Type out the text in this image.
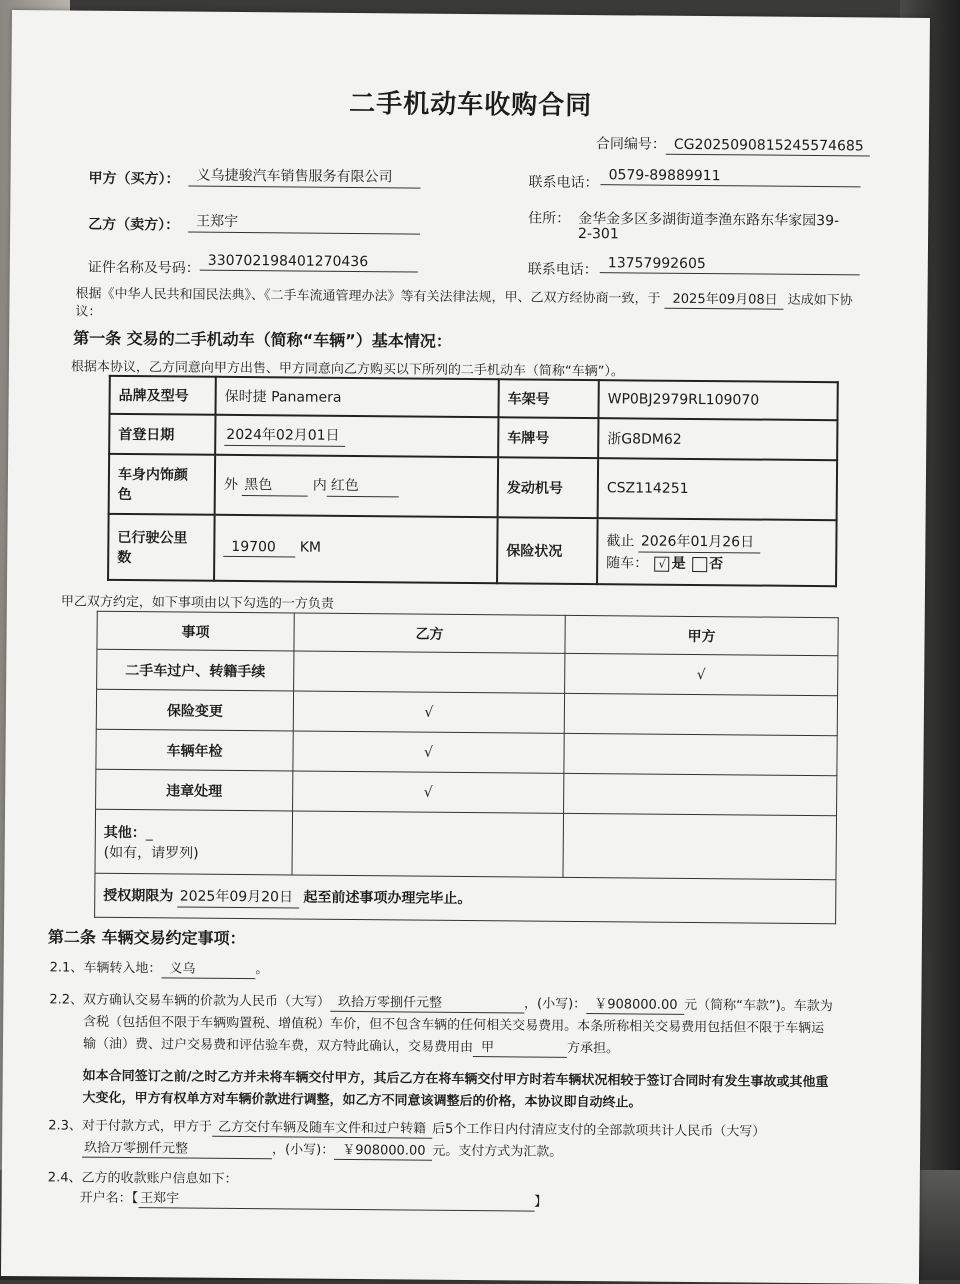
二手机动车收购合同
合同编号： CG2025090815245574685
甲方（买方）：	义乌捷骏汽车销售服务有限公司	联系电话： 0579-89889911
乙方（卖方）：	王郑宇	住所： 金华金多区多湖街道李渔东路东华家园39-
2-301
证件名称及号码： 330702198401270436	联系电话： 13757992605
根据《中华人民共和国民法典》、《二手车流通管理办法》等有关法律法规，甲、乙双方经协商一致，于 2025年09月08日 达成如下协
议：
第一条 交易的二手机动车（简称“车辆”）基本情况：
根据本协议，乙方同意向甲方出售、甲方同意向乙方购买以下所列的二手机动车（简称“车辆”）。
品牌及型号	保时捷 Panamera	车架号	WP0BJ2979RL109070
首登日期	2024年02月01日	车牌号	浙G8DM62
车身内饰颜
色	外 黑色 内 红色	发动机号	CSZ114251
已行驶公里
数	19700 KM	保险状况	截止 2026年01月26日
随车： √ 是 否
甲乙双方约定，如下事项由以下勾选的一方负责
事项	乙方	甲方
二手车过户、转籍手续		√
保险变更	√	
车辆年检	√	
违章处理	√	
其他：_
(如有，请罗列)		
授权期限为 2025年09月20日 起至前述事项办理完毕止。		
第二条 车辆交易约定事项：
2.1、车辆转入地： 义乌	。
2.2、双方确认交易车辆的价款为人民币（大写） 玖拾万零捌仟元整	，(小写)： ￥908000.00 元（简称“车款”)。车款为
含税（包括但不限于车辆购置税、增值税）车价，但不包含车辆的任何相关交易费用。本条所称相关交易费用包括但不限于车辆运
输（油）费、过户交易费和评估验车费，双方特此确认，交易费用由 甲	方承担。
如本合同签订之前/之时乙方并未将车辆交付甲方，其后乙方在将车辆交付甲方时若车辆状况相较于签订合同时有发生事故或其他重
大变化，甲方有权单方对车辆价款进行调整，如乙方不同意该调整后的价格，本协议即自动终止。
2.3、对于付款方式，甲方于 乙方交付车辆及随车文件和过户转籍 后5个工作日内付清应支付的全部款项共计人民币（大写）
玖拾万零捌仟元整	，(小写)： ￥908000.00 元。支付方式为汇款。
2.4、乙方的收款账户信息如下：
开户名：【 王郑宇	】
